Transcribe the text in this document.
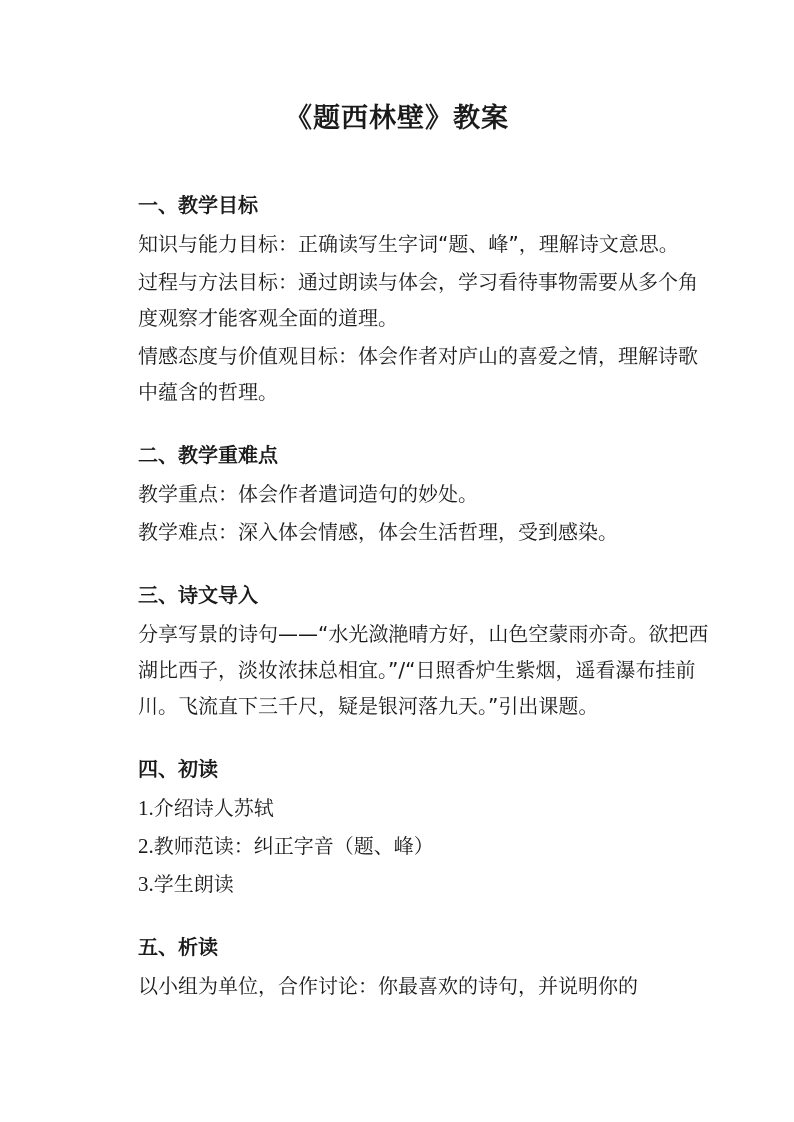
《题西林壁》教案
一、教学目标

知识与能力目标：正确读写生字词“题、峰”，理解诗文意思。

过程与方法目标：通过朗读与体会，学习看待事物需要从多个角度观察才能客观全面的道理。

情感态度与价值观目标：体会作者对庐山的喜爱之情，理解诗歌中蕴含的哲理。

二、教学重难点

教学重点：体会作者遣词造句的妙处。

教学难点：深入体会情感，体会生活哲理，受到感染。

三、诗文导入

分享写景的诗句——“水光潋滟晴方好，山色空蒙雨亦奇。欲把西湖比西子，淡妆浓抹总相宜。”/“日照香炉生紫烟，遥看瀑布挂前川。飞流直下三千尺，疑是银河落九天。”引出课题。

四、初读
1.介绍诗人苏轼
2.教师范读：纠正字音（题、峰）
3.学生朗读
五、析读

以小组为单位，合作讨论：你最喜欢的诗句，并说明你的
